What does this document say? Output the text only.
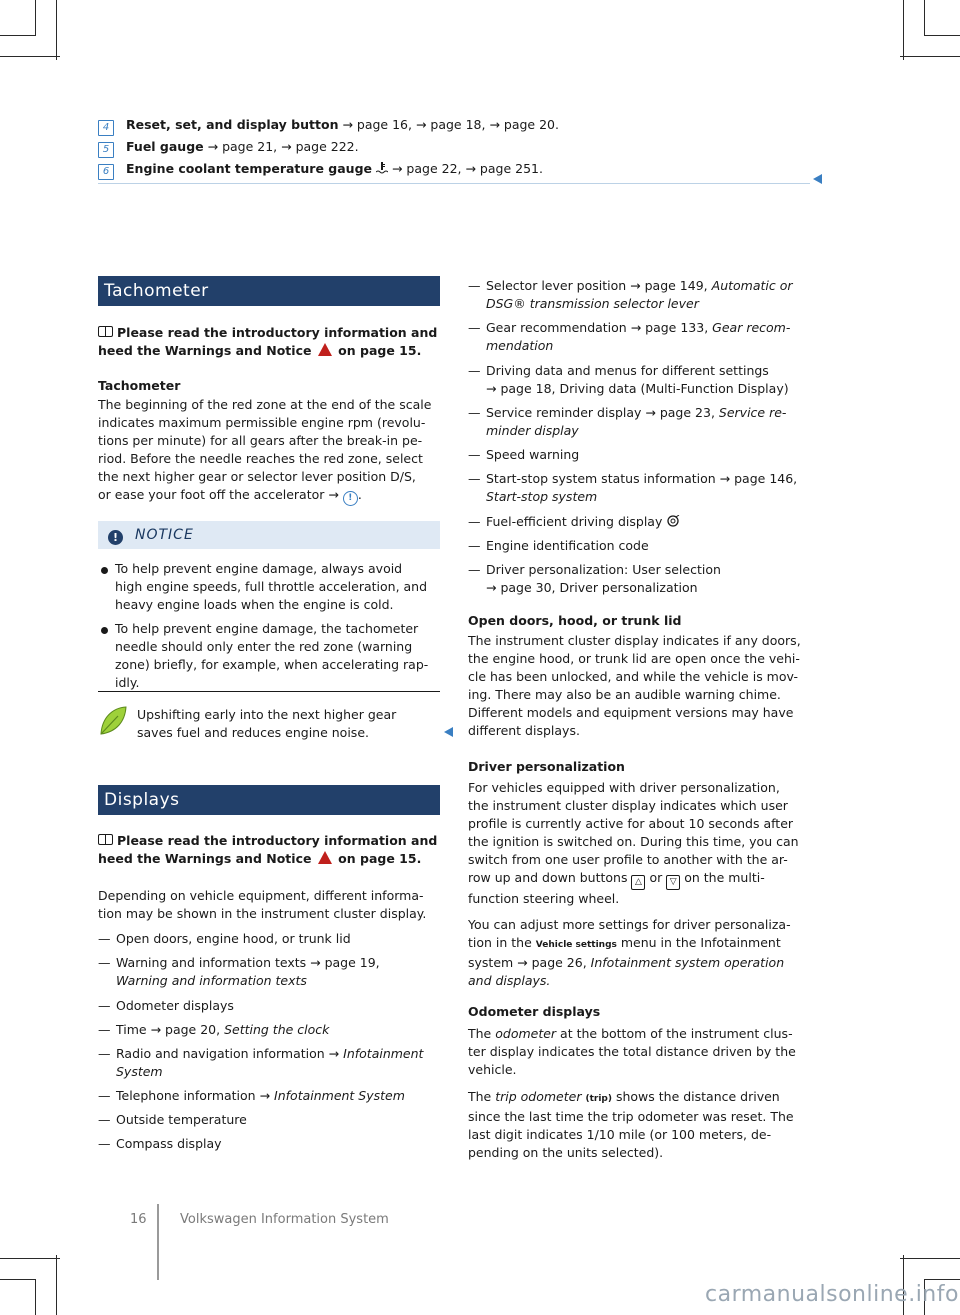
4 Reset, set, and display button → page 16, → page 18, → page 20.
5 Fuel gauge → page 21, → page 222.
6 Engine coolant temperature gauge → page 22, → page 251.
Tachometer
Please read the introductory information and
heed the Warnings and Notice on page 15.
Tachometer
The beginning of the red zone at the end of the scale
indicates maximum permissible engine rpm (revolu-
tions per minute) for all gears after the break-in pe-
riod. Before the needle reaches the red zone, select
the next higher gear or selector lever position D/S,
or ease your foot off the accelerator → ! .
! NOTICE
To help prevent engine damage, always avoid
high engine speeds, full throttle acceleration, and
heavy engine loads when the engine is cold.
To help prevent engine damage, the tachometer
needle should only enter the red zone (warning
zone) briefly, for example, when accelerating rap-
idly.
Upshifting early into the next higher gear
saves fuel and reduces engine noise.
Displays
Please read the introductory information and
heed the Warnings and Notice on page 15.
Depending on vehicle equipment, different informa-
tion may be shown in the instrument cluster display.
— Open doors, engine hood, or trunk lid
— Warning and information texts → page 19,
Warning and information texts
— Odometer displays
— Time → page 20, Setting the clock
— Radio and navigation information → Infotainment
System
— Telephone information → Infotainment System
— Outside temperature
— Compass display
— Selector lever position → page 149, Automatic or
DSG® transmission selector lever
— Gear recommendation → page 133, Gear recom-
mendation
— Driving data and menus for different settings
→ page 18, Driving data (Multi-Function Display)
— Service reminder display → page 23, Service re-
minder display
— Speed warning
— Start-stop system status information → page 146,
Start-stop system
— Fuel-efficient driving display
— Engine identification code
— Driver personalization: User selection
→ page 30, Driver personalization
Open doors, hood, or trunk lid
The instrument cluster display indicates if any doors,
the engine hood, or trunk lid are open once the vehi-
cle has been unlocked, and while the vehicle is mov-
ing. There may also be an audible warning chime.
Different models and equipment versions may have
different displays.
Driver personalization
For vehicles equipped with driver personalization,
the instrument cluster display indicates which user
profile is currently active for about 10 seconds after
the ignition is switched on. During this time, you can
switch from one user profile to another with the ar-
row up and down buttons △ or ▽ on the multi-
function steering wheel.
You can adjust more settings for driver personaliza-
tion in the Vehicle settings menu in the Infotainment
system → page 26, Infotainment system operation
and displays.
Odometer displays
The odometer at the bottom of the instrument clus-
ter display indicates the total distance driven by the
vehicle.
The trip odometer (trip) shows the distance driven
since the last time the trip odometer was reset. The
last digit indicates 1/10 mile (or 100 meters, de-
pending on the units selected).
16	Volkswagen Information System
carmanualsonline.info
